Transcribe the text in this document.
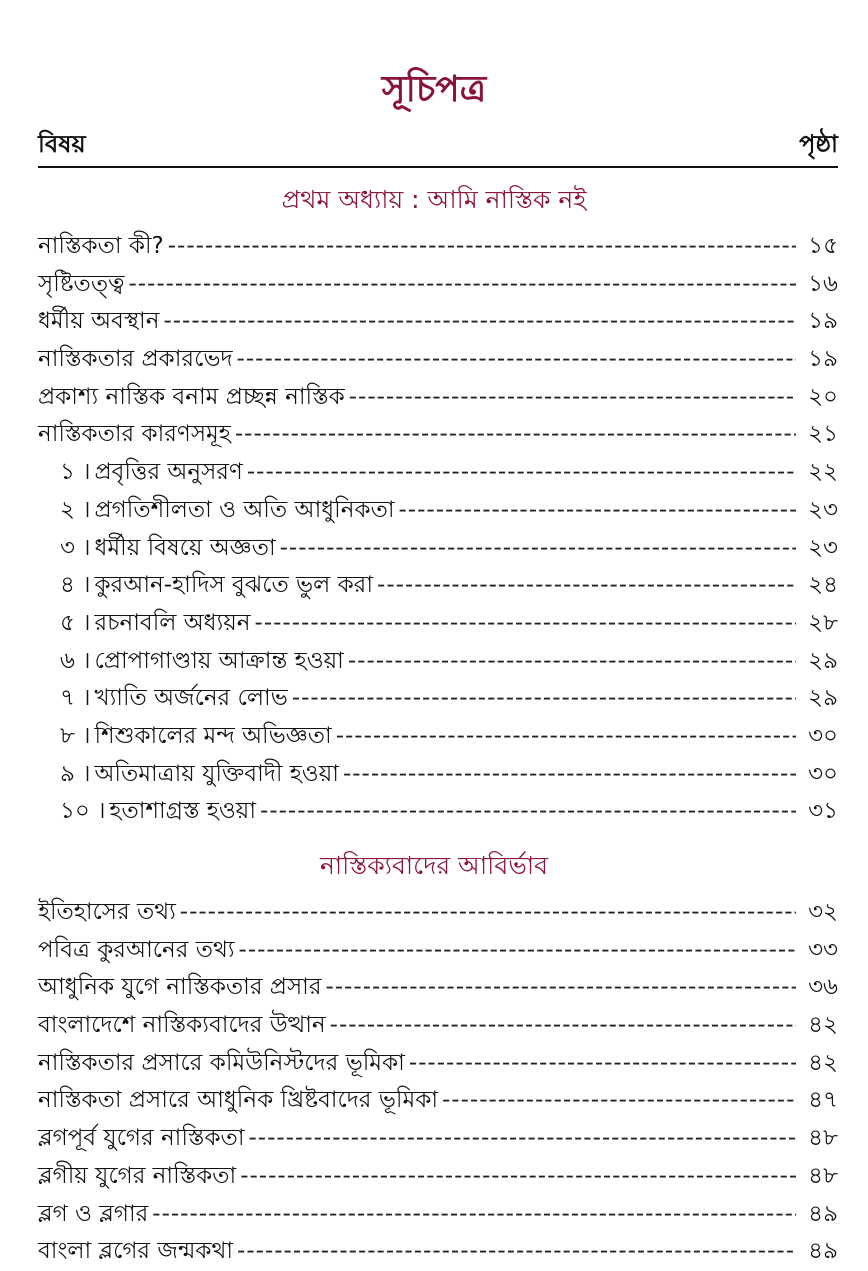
সূচিপত্র
বিষয়	পৃষ্ঠা
প্রথম অধ্যায় : আমি নাস্তিক নই
নাস্তিকতা কী? -----	১৫
সৃষ্টিতত্ত্ব -----	১৬
ধর্মীয় অবস্থান -----	১৯
নাস্তিকতার প্রকারভেদ -----	১৯
প্রকাশ্য নাস্তিক বনাম প্রচ্ছন্ন নাস্তিক -----	২০
নাস্তিকতার কারণসমূহ -----	২১
১ । প্রবৃত্তির অনুসরণ -----	২২
২ । প্রগতিশীলতা ও অতি আধুনিকতা -----	২৩
৩ । ধর্মীয় বিষয়ে অজ্ঞতা -----	২৩
৪ । কুরআন-হাদিস বুঝতে ভুল করা -----	২৪
৫ । রচনাবলি অধ্যয়ন -----	২৮
৬ । প্রোপাগাণ্ডায় আক্রান্ত হওয়া -----	২৯
৭ । খ্যাতি অর্জনের লোভ -----	২৯
৮ । শিশুকালের মন্দ অভিজ্ঞতা -----	৩০
৯ । অতিমাত্রায় যুক্তিবাদী হওয়া -----	৩০
১০ । হতাশাগ্রস্ত হওয়া -----	৩১
নাস্তিক্যবাদের আবির্ভাব
ইতিহাসের তথ্য -----	৩২
পবিত্র কুরআনের তথ্য -----	৩৩
আধুনিক যুগে নাস্তিকতার প্রসার -----	৩৬
বাংলাদেশে নাস্তিক্যবাদের উত্থান -----	৪২
নাস্তিকতার প্রসারে কমিউনিস্টদের ভূমিকা -----	৪২
নাস্তিকতা প্রসারে আধুনিক খ্রিষ্টবাদের ভূমিকা -----	৪৭
ব্লগপূর্ব যুগের নাস্তিকতা -----	৪৮
ব্লগীয় যুগের নাস্তিকতা -----	৪৮
ব্লগ ও ব্লগার -----	৪৯
বাংলা ব্লগের জন্মকথা -----	৪৯
